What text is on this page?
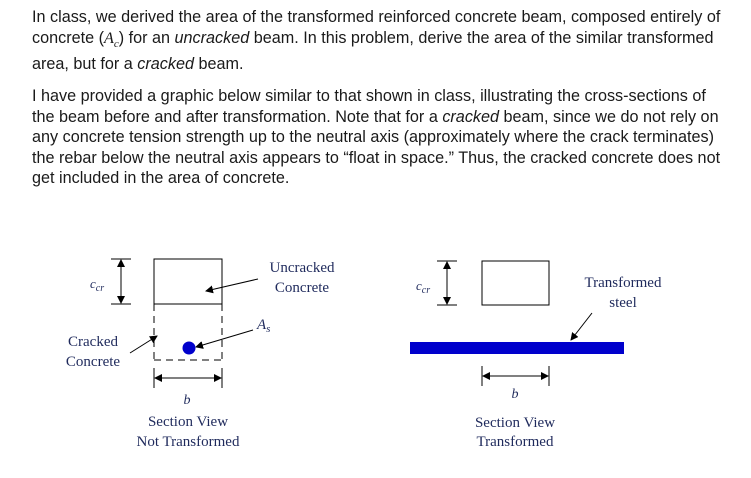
In class, we derived the area of the transformed reinforced concrete beam, composed entirely of concrete $(A_c)$ for an uncracked beam. In this problem, derive the area of the similar transformed area, but for a cracked beam.

I have provided a graphic below similar to that shown in class, illustrating the cross-sections of the beam before and after transformation. Note that for a cracked beam, since we do not rely on any concrete tension strength up to the neutral axis (approximately where the crack terminates) the rebar below the neutral axis appears to “float in space.” Thus, the cracked concrete does not get included in the area of concrete.

$c_{cr}$
b
Uncracked
Concrete
$A_s$
Cracked
Concrete
Section View
Not Transformed
$c_{cr}$
b
Transformed
steel
Section View
Transformed
